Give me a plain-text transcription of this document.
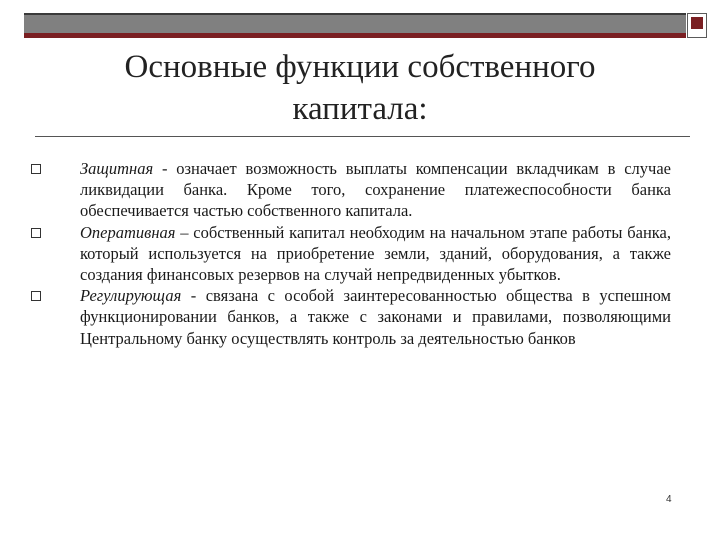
Основные функции собственного
капитала:
Защитная - означает возможность выплаты компенсации вкладчикам в случае ликвидации банка. Кроме того, сохранение платежеспособности банка обеспечивается частью собственного капитала.
Оперативная – собственный капитал необходим на начальном этапе работы банка, который используется на приобретение земли, зданий, оборудования, а также создания финансовых резервов на случай непредвиденных убытков.
Регулирующая - связана с особой заинтересованностью общества в успешном функционировании банков, а также с законами и правилами, позволяющими Центральному банку осуществлять контроль за деятельностью банков
4
